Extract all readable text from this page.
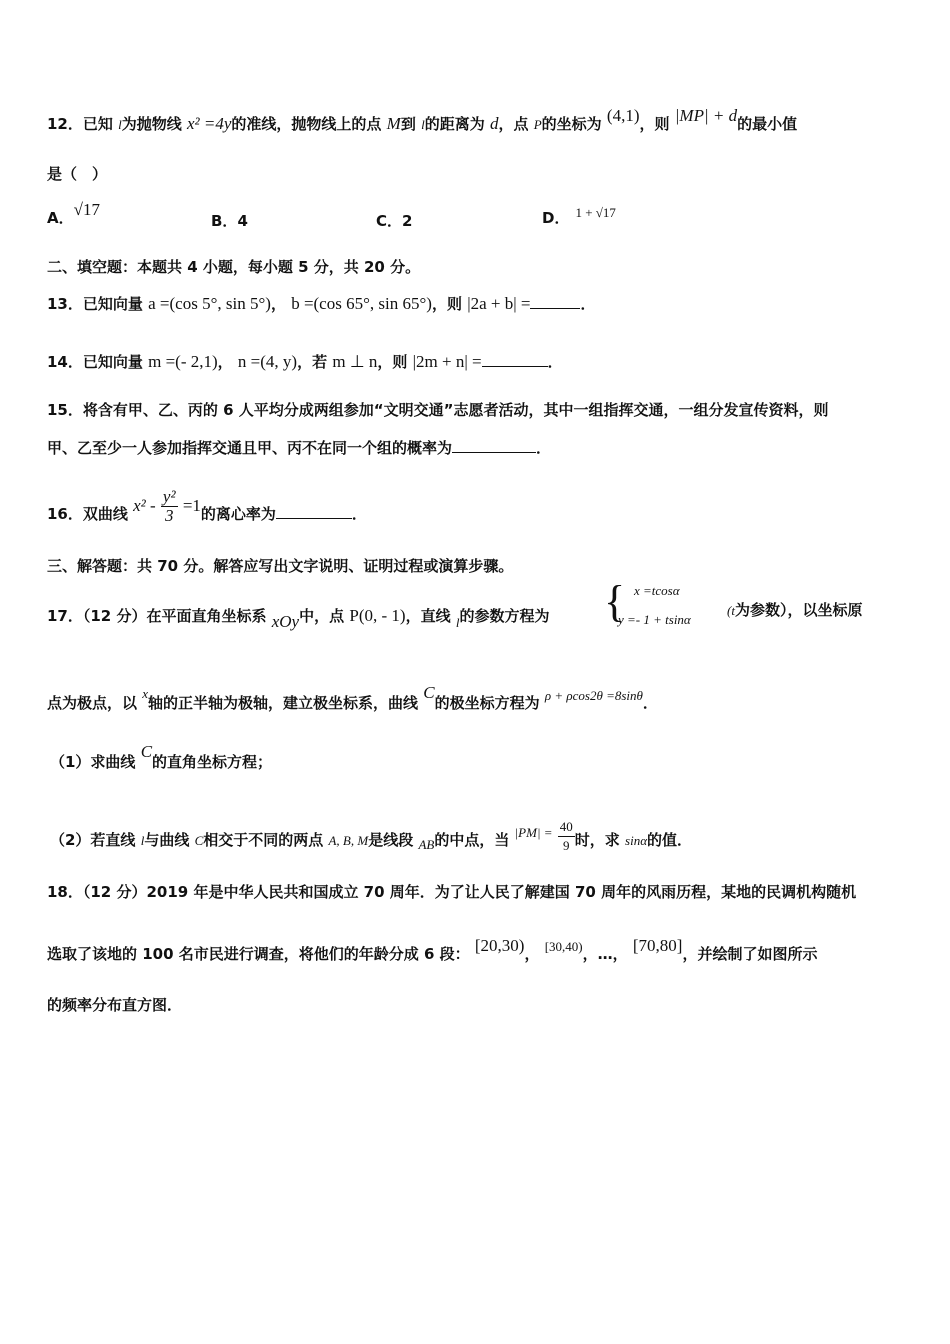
12．已知 l为抛物线 x² =4y的准线，抛物线上的点 M到 l的距离为 d，点 P的坐标为 (4,1)，则 |MP| + d的最小值
是（　）
A．√17
B．4	C．2	D． 1 + √17
二、填空题：本题共 4 小题，每小题 5 分，共 20 分。
13．已知向量 a =(cos 5°, sin 5°)， b =(cos 65°, sin 65°)，则 |2a + b| =	．
14．已知向量 m =(- 2,1)， n =(4, y)，若 m ⊥ n，则 |2m + n| =	．
15．将含有甲、乙、丙的 6 人平均分成两组参加“文明交通”志愿者活动，其中一组指挥交通，一组分发宣传资料，则
甲、乙至少一人参加指挥交通且甲、丙不在同一个组的概率为	．
16．双曲线 $x^2 - \frac{\text{y²}}{3} =1$的离心率为	．
三、解答题：共 70 分。解答应写出文字说明、证明过程或演算步骤。
17．（12 分）在平面直角坐标系 xOy中，点 P(0, - 1)，直线 l的参数方程为 { x =tcosα
y =- 1 + tsinα
(t为参数），以坐标原
点为极点，以 x轴的正半轴为极轴，建立极坐标系，曲线 C的极坐标方程为 ρ + ρcos2θ =8sinθ．
（1）求曲线 C的直角坐标方程；
（2）若直线 l与曲线 C相交于不同的两点 A, B, M是线段 AB的中点，当 $|PM| = \frac{40}{9}$ 时，求 sinα的值．
18．（12 分）2019 年是中华人民共和国成立 70 周年．为了让人民了解建国 70 周年的风雨历程，某地的民调机构随机
选取了该地的 100 名市民进行调查，将他们的年龄分成 6 段： [20,30)， [30,40)，…， [70,80]，并绘制了如图所示
的频率分布直方图．
